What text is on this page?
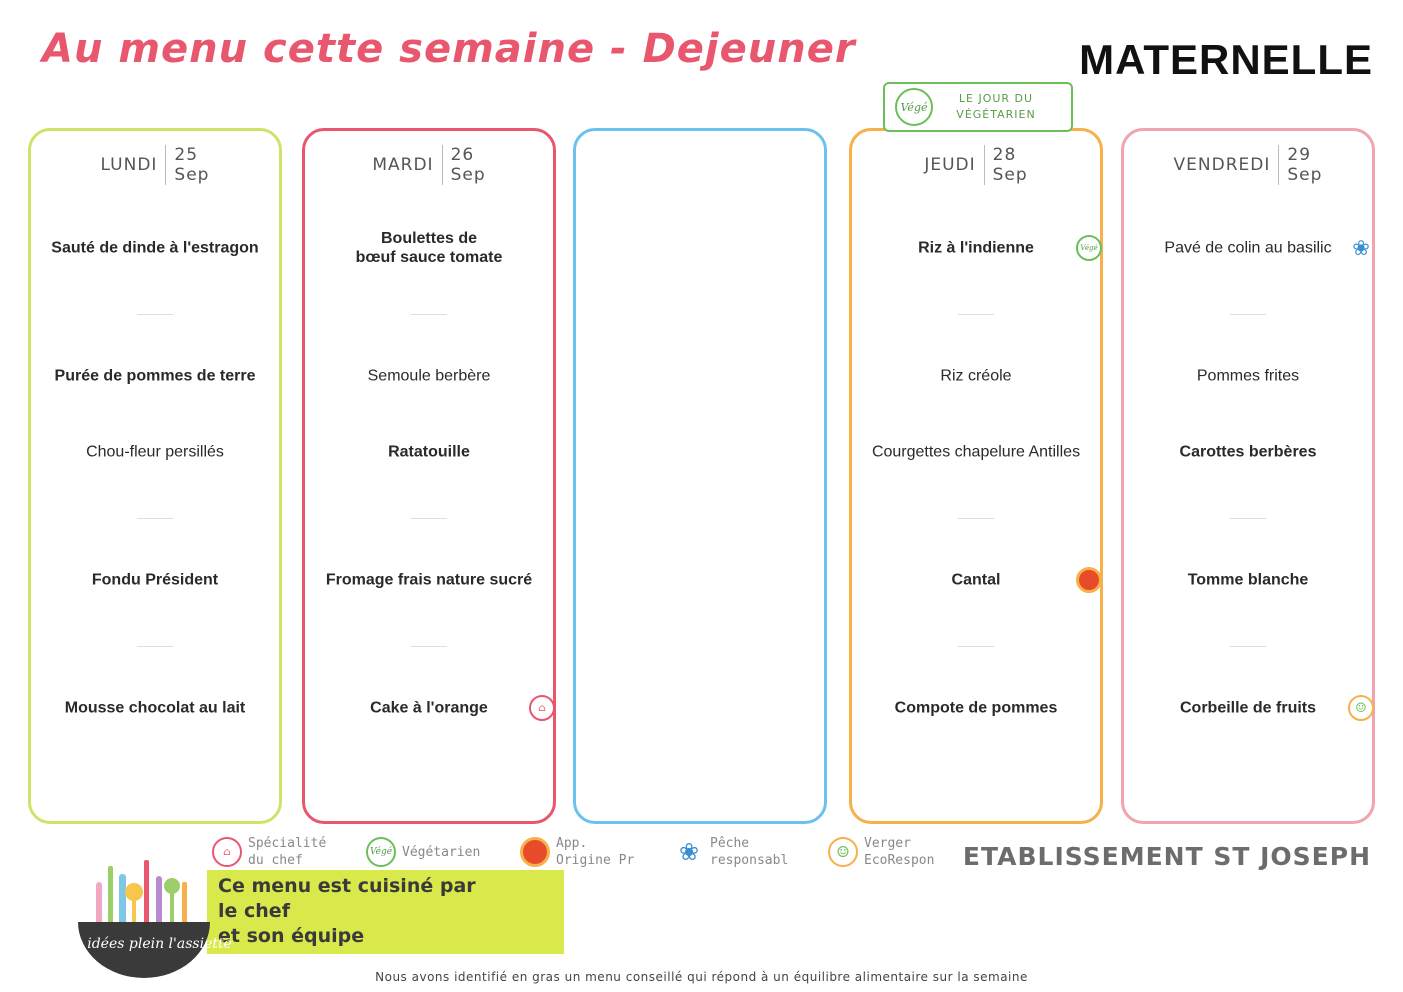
Au menu cette semaine - Dejeuner	MATERNELLE
Végé
LE JOUR DU VÉGÉTARIEN
LUNDI 25
Sep
Sauté de dinde à l'estragon
Purée de pommes de terre
Chou-fleur persillés
Fondu Président
Mousse chocolat au lait
MARDI 26
Sep
Boulettes de
bœuf sauce tomate
Semoule berbère
Ratatouille
Fromage frais nature sucré
Cake à l'orange	⌂
JEUDI 28
Sep
Riz à l'indienne	Végé
Riz créole
Courgettes chapelure Antilles
Cantal
Compote de pommes
VENDREDI 29
Sep
Pavé de colin au basilic ❀
Pommes frites
Carottes berbères
Tomme blanche
Corbeille de fruits	☺
⌂
Spécialité
du chef
Végé Végétarien
App.
Origine Pr	❀ Pêche
responsabl	☺	Verger
EcoRespon	ETABLISSEMENT ST JOSEPH
Ce menu est cuisiné par
le chef
et son équipe
Des idées plein l'assiette
Nous avons identifié en gras un menu conseillé qui répond à un équilibre alimentaire sur la semaine
